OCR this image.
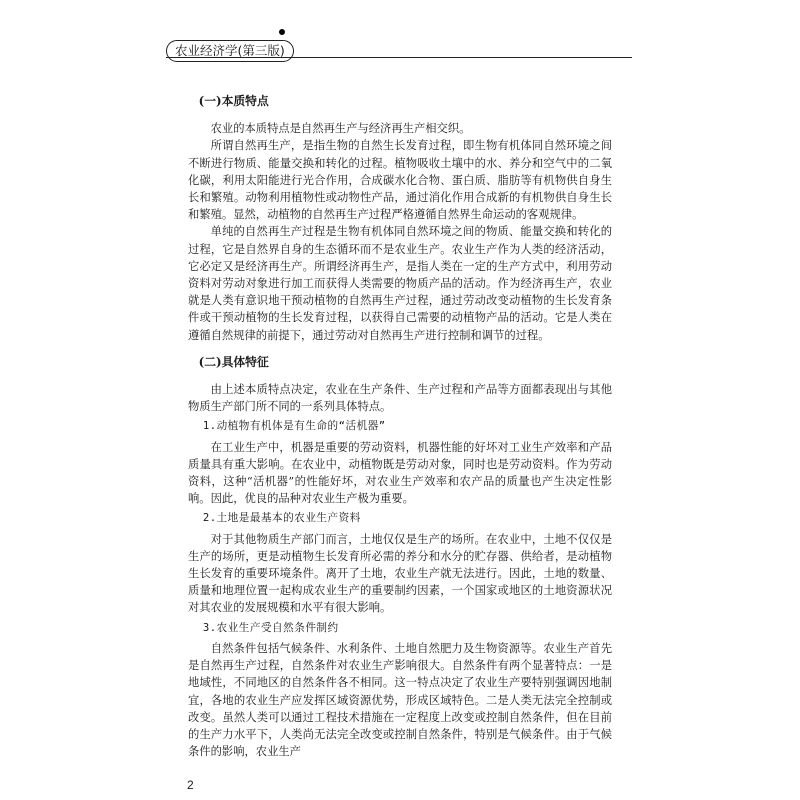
农业经济学(第三版)

(一)本质特点

农业的本质特点是自然再生产与经济再生产相交织。

所谓自然再生产，是指生物的自然生长发育过程，即生物有机体同自然环境之间不断进行物质、能量交换和转化的过程。植物吸收土壤中的水、养分和空气中的二氧化碳，利用太阳能进行光合作用，合成碳水化合物、蛋白质、脂肪等有机物供自身生长和繁殖。动物利用植物性或动物性产品，通过消化作用合成新的有机物供自身生长和繁殖。显然，动植物的自然再生产过程严格遵循自然界生命运动的客观规律。

单纯的自然再生产过程是生物有机体同自然环境之间的物质、能量交换和转化的过程，它是自然界自身的生态循环而不是农业生产。农业生产作为人类的经济活动，它必定又是经济再生产。所谓经济再生产，是指人类在一定的生产方式中，利用劳动资料对劳动对象进行加工而获得人类需要的物质产品的活动。作为经济再生产，农业就是人类有意识地干预动植物的自然再生产过程，通过劳动改变动植物的生长发育条件或干预动植物的生长发育过程，以获得自己需要的动植物产品的活动。它是人类在遵循自然规律的前提下，通过劳动对自然再生产进行控制和调节的过程。

(二)具体特征

由上述本质特点决定，农业在生产条件、生产过程和产品等方面都表现出与其他物质生产部门所不同的一系列具体特点。

1.动植物有机体是有生命的“活机器”

在工业生产中，机器是重要的劳动资料，机器性能的好坏对工业生产效率和产品质量具有重大影响。在农业中，动植物既是劳动对象，同时也是劳动资料。作为劳动资料，这种“活机器”的性能好坏，对农业生产效率和农产品的质量也产生决定性影响。因此，优良的品种对农业生产极为重要。

2.土地是最基本的农业生产资料

对于其他物质生产部门而言，土地仅仅是生产的场所。在农业中，土地不仅仅是生产的场所，更是动植物生长发育所必需的养分和水分的贮存器、供给者，是动植物生长发育的重要环境条件。离开了土地，农业生产就无法进行。因此，土地的数量、质量和地理位置一起构成农业生产的重要制约因素，一个国家或地区的土地资源状况对其农业的发展规模和水平有很大影响。

3.农业生产受自然条件制约

自然条件包括气候条件、水利条件、土地自然肥力及生物资源等。农业生产首先是自然再生产过程，自然条件对农业生产影响很大。自然条件有两个显著特点：一是地域性，不同地区的自然条件各不相同。这一特点决定了农业生产要特别强调因地制宜，各地的农业生产应发挥区域资源优势，形成区域特色。二是人类无法完全控制或改变。虽然人类可以通过工程技术措施在一定程度上改变或控制自然条件，但在目前的生产力水平下，人类尚无法完全改变或控制自然条件，特别是气候条件。由于气候条件的影响，农业生产

2
